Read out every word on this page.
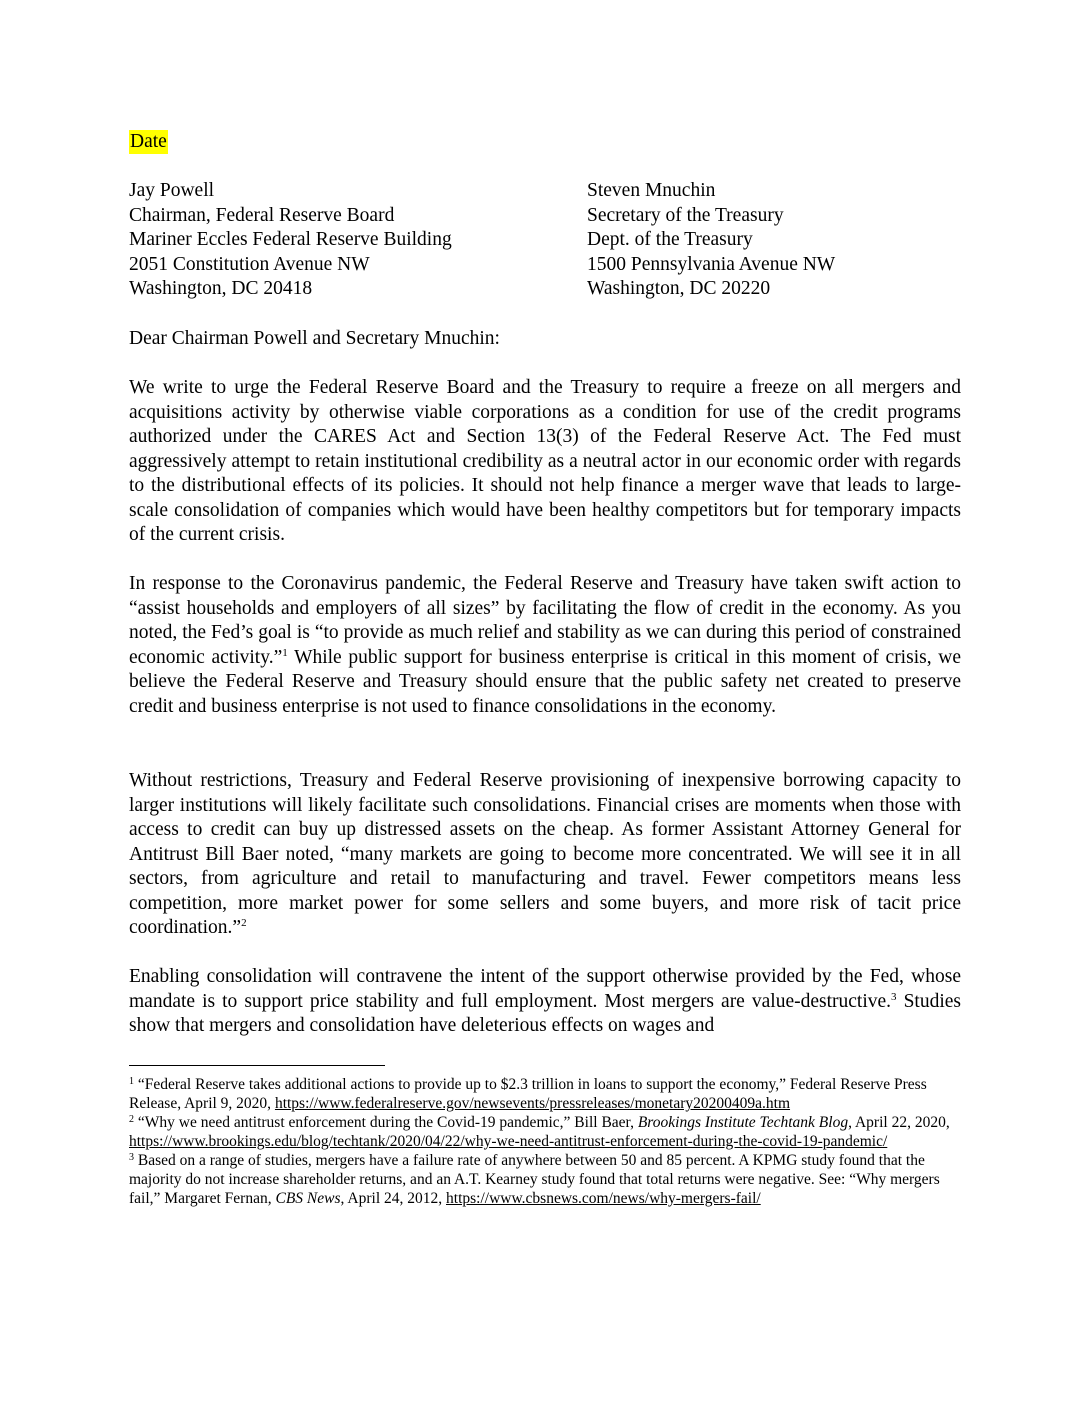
Date
Jay Powell
Chairman, Federal Reserve Board
Mariner Eccles Federal Reserve Building
2051 Constitution Avenue NW
Washington, DC 20418
Steven Mnuchin
Secretary of the Treasury
Dept. of the Treasury
1500 Pennsylvania Avenue NW
Washington, DC 20220
Dear Chairman Powell and Secretary Mnuchin:

We write to urge the Federal Reserve Board and the Treasury to require a freeze on all mergers and acquisitions activity by otherwise viable corporations as a condition for use of the credit programs authorized under the CARES Act and Section 13(3) of the Federal Reserve Act. The Fed must aggressively attempt to retain institutional credibility as a neutral actor in our economic order with regards to the distributional effects of its policies. It should not help finance a merger wave that leads to large-scale consolidation of companies which would have been healthy competitors but for temporary impacts of the current crisis.

In response to the Coronavirus pandemic, the Federal Reserve and Treasury have taken swift action to “assist households and employers of all sizes” by facilitating the flow of credit in the economy. As you noted, the Fed’s goal is “to provide as much relief and stability as we can during this period of constrained economic activity.”$^1$ While public support for business enterprise is critical in this moment of crisis, we believe the Federal Reserve and Treasury should ensure that the public safety net created to preserve credit and business enterprise is not used to finance consolidations in the economy.

Without restrictions, Treasury and Federal Reserve provisioning of inexpensive borrowing capacity to larger institutions will likely facilitate such consolidations. Financial crises are moments when those with access to credit can buy up distressed assets on the cheap. As former Assistant Attorney General for Antitrust Bill Baer noted, “many markets are going to become more concentrated. We will see it in all sectors, from agriculture and retail to manufacturing and travel. Fewer competitors means less competition, more market power for some sellers and some buyers, and more risk of tacit price coordination.”$^2$

Enabling consolidation will contravene the intent of the support otherwise provided by the Fed, whose mandate is to support price stability and full employment. Most mergers are value-destructive.$^3$ Studies show that mergers and consolidation have deleterious effects on wages and

$^1$ “Federal Reserve takes additional actions to provide up to $2.3 trillion in loans to support the economy,” Federal Reserve Press Release, April 9, 2020, https://www.federalreserve.gov/newsevents/pressreleases/monetary20200409a.htm

$^2$ “Why we need antitrust enforcement during the Covid-19 pandemic,” Bill Baer, Brookings Institute Techtank Blog, April 22, 2020, https://www.brookings.edu/blog/techtank/2020/04/22/why-we-need-antitrust-enforcement-during-the-covid-19-pandemic/

$^3$ Based on a range of studies, mergers have a failure rate of anywhere between 50 and 85 percent. A KPMG study found that the majority do not increase shareholder returns, and an A.T. Kearney study found that total returns were negative. See: “Why mergers fail,” Margaret Fernan, CBS News, April 24, 2012, https://www.cbsnews.com/news/why-mergers-fail/
